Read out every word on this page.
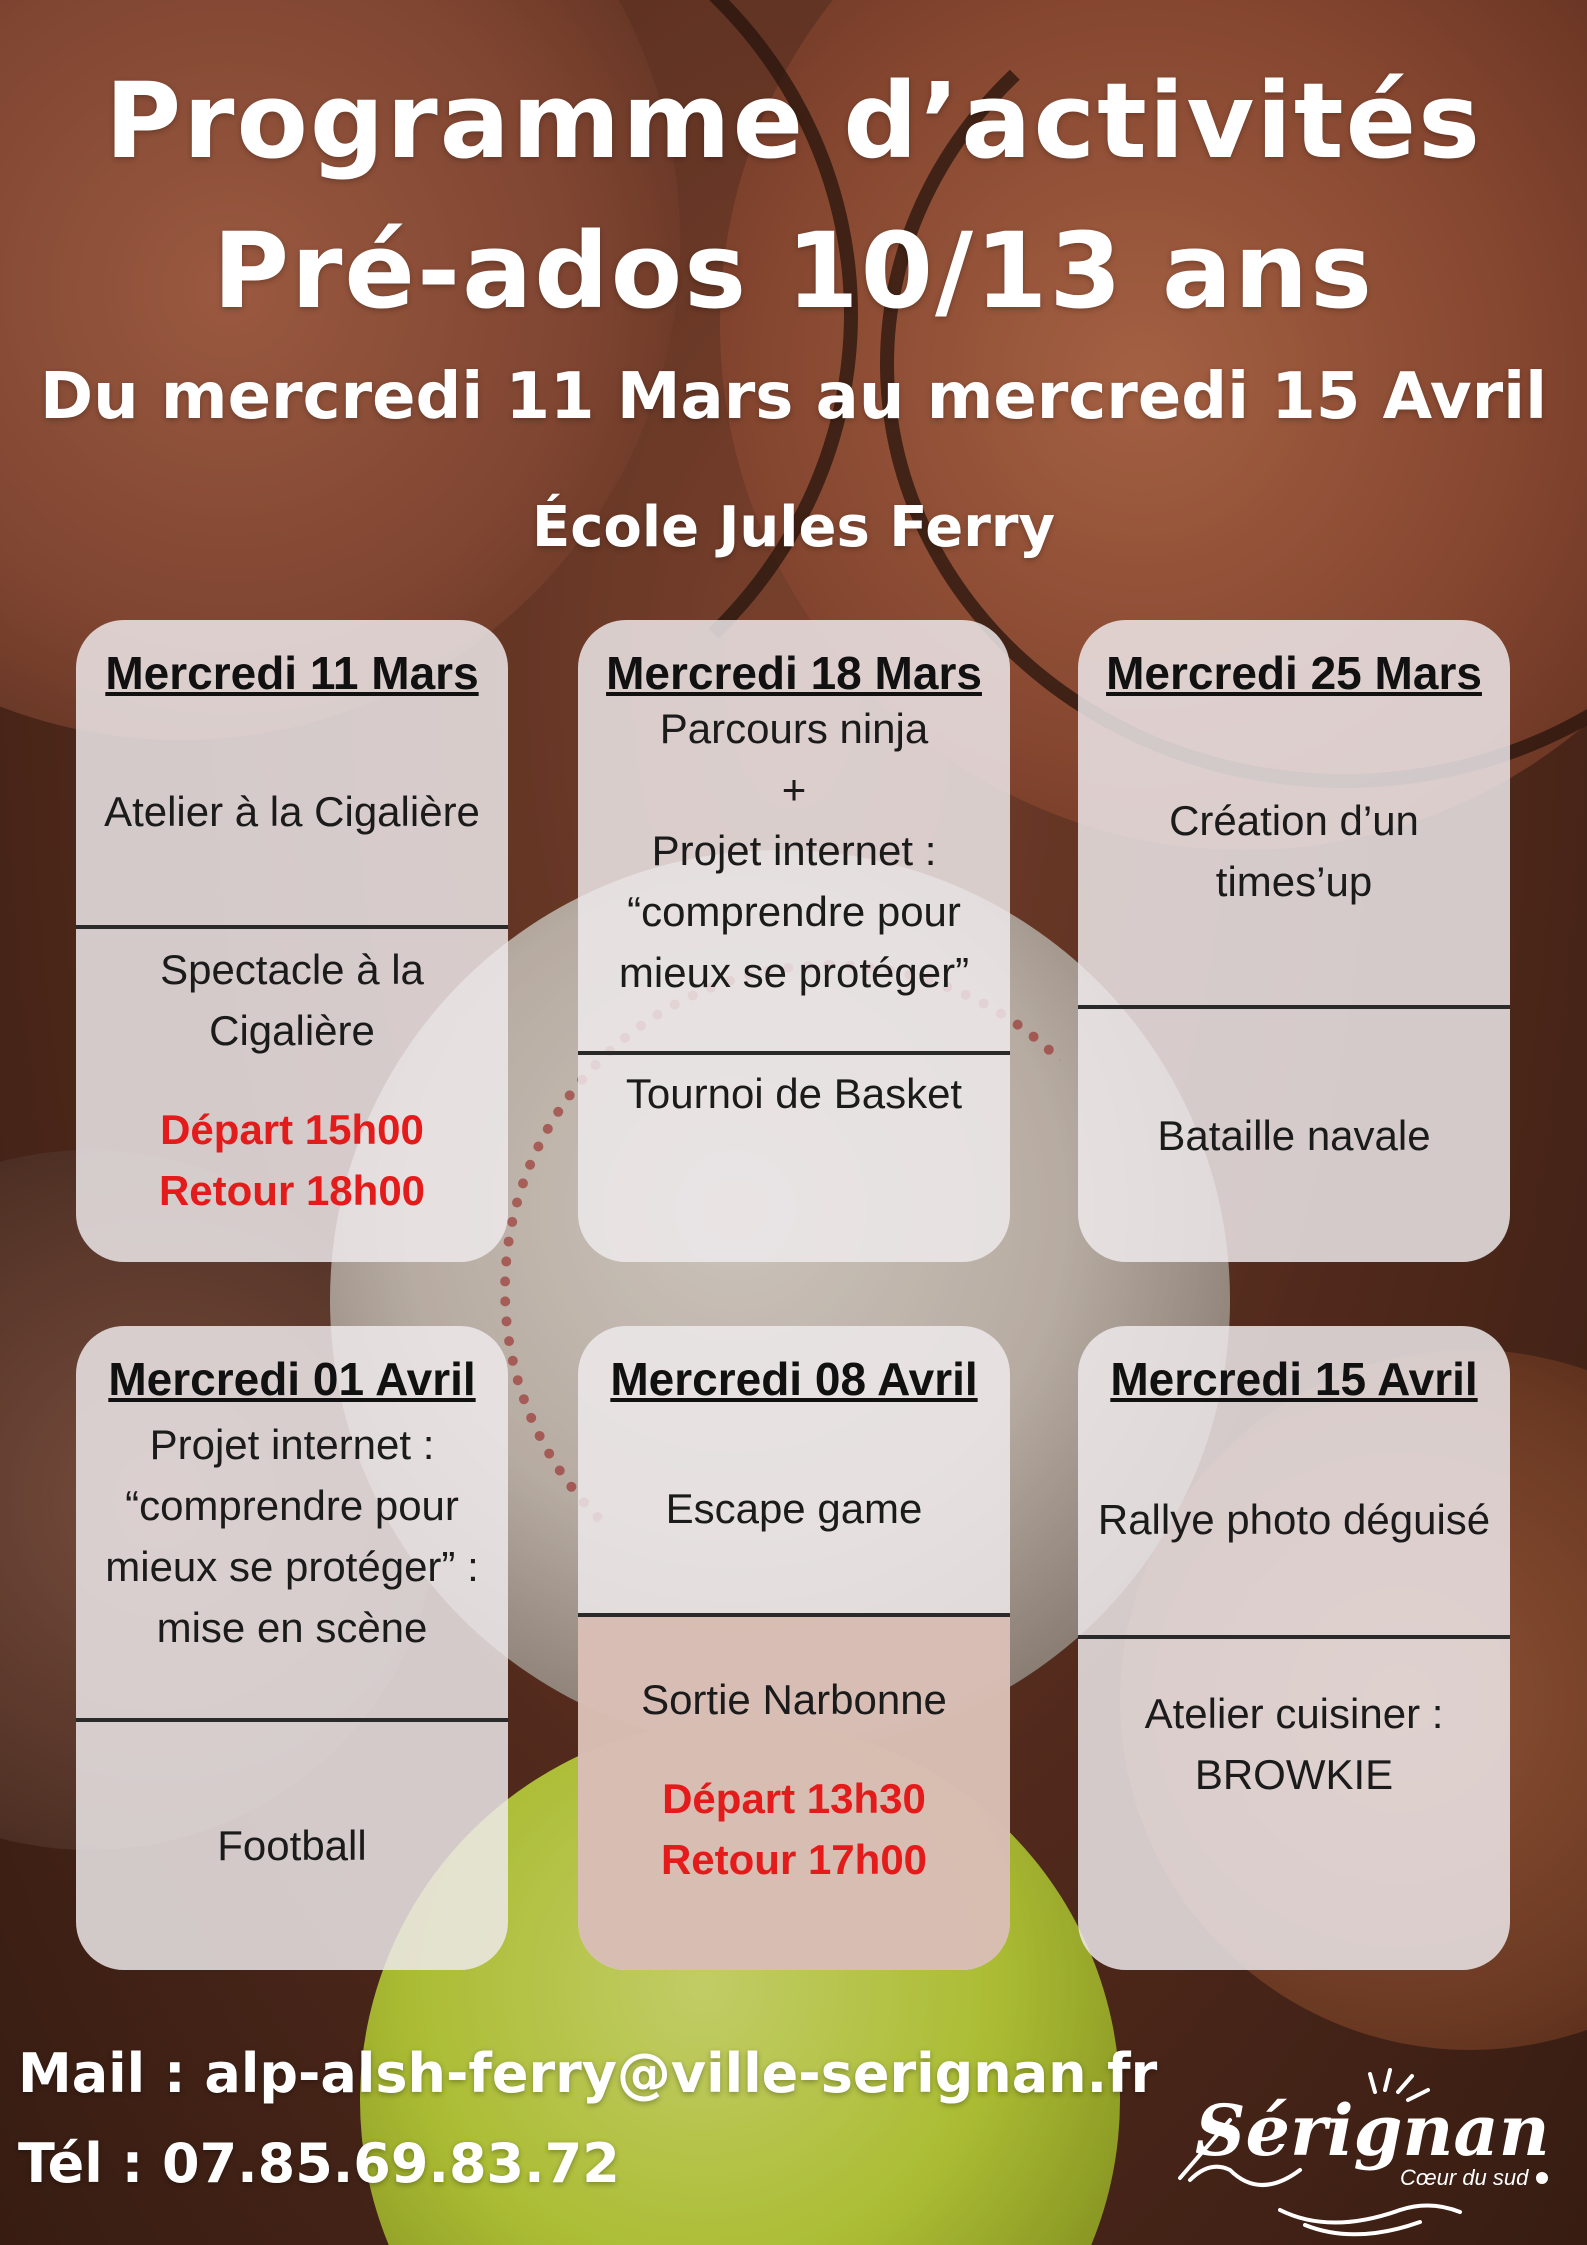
Programme d’activités
Pré-ados 10/13 ans
Du mercredi 11 Mars au mercredi 15 Avril
École Jules Ferry
Mercredi 11 Mars
Atelier à la Cigalière
Spectacle à la
Cigalière
Départ 15h00
Retour 18h00
Mercredi 18 Mars
Parcours ninja
+
Projet internet :
“comprendre pour
mieux se protéger”
Tournoi de Basket
Mercredi 25 Mars
Création d’un
times’up
Bataille navale
Mercredi 01 Avril
Projet internet :
“comprendre pour
mieux se protéger” :
mise en scène
Football
Mercredi 08 Avril
Escape game
Sortie Narbonne
Départ 13h30
Retour 17h00
Mercredi 15 Avril
Rallye photo déguisé
Atelier cuisiner :
BROWKIE
Mail : alp-alsh-ferry@ville-serignan.fr
Tél : 07.85.69.83.72	Sérignan
Cœur du sud
